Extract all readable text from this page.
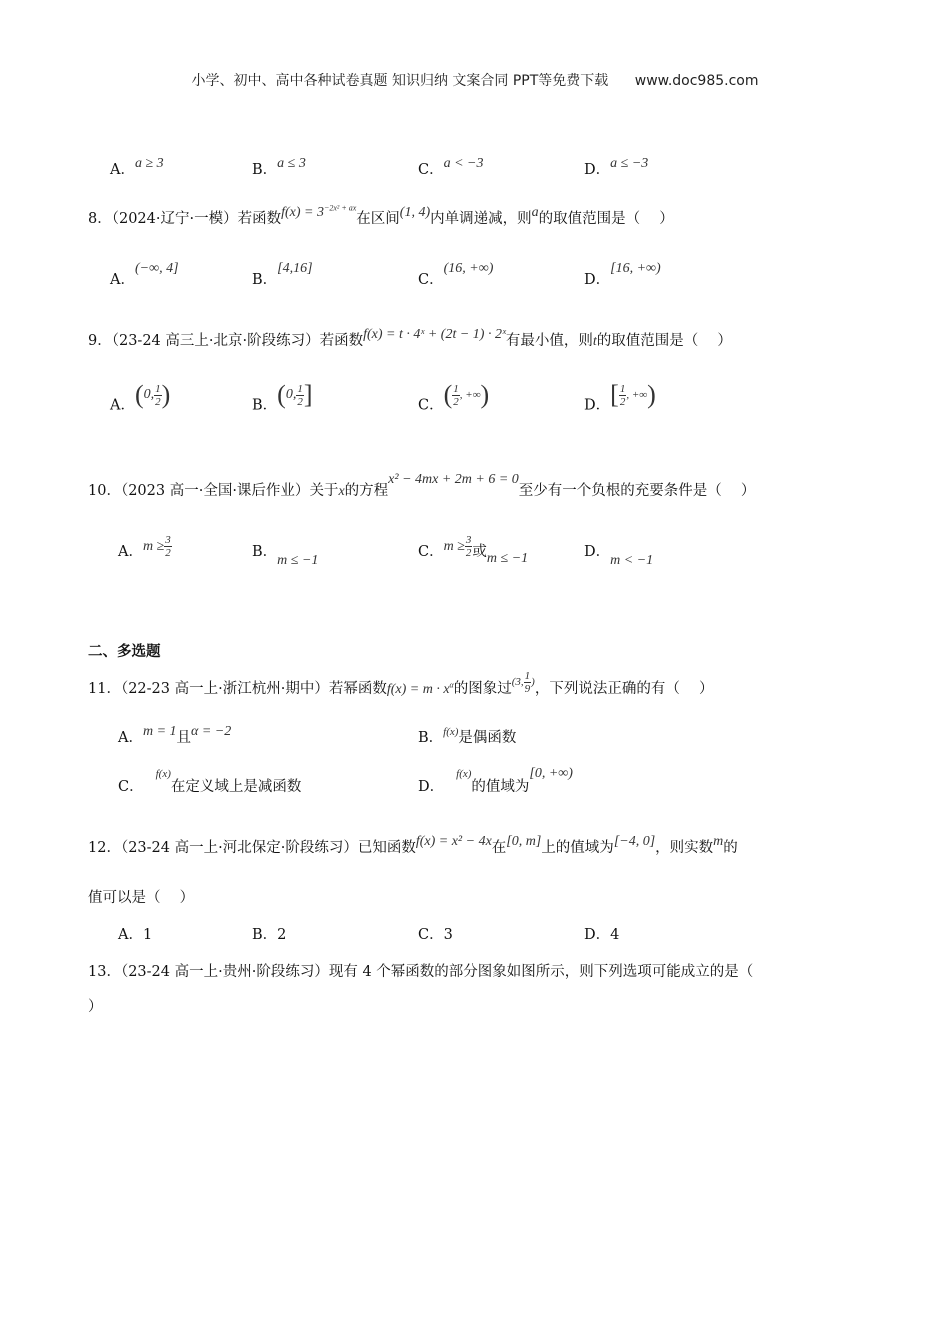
小学、初中、高中各种试卷真题 知识归纳 文案合同 PPT等免费下载 www.doc985.com
A．a ≥ 3	B．a ≤ 3	C．a < −3	D．a ≤ −3
8．（2024·辽宁·一模）若函数$f(x) = 3^{-2x^2 + ax}$在区间(1, 4)内单调递减，则a的取值范围是（　 ）
A．(−∞, 4]
B．[4,16]
C．(16, +∞)
D．[16, +∞)
9．（23-24 高三上·北京·阶段练习）若函数f(x) = t · 4ˣ + (2t − 1) · 2ˣ有最小值，则t的取值范围是（　 ）
A．(0, $\frac{1}{2}$ )	B．(0, $\frac{1}{2}$ ]	C．( $\frac{1}{2}$ , +∞)	D．[ $\frac{1}{2}$ , +∞)
10．（2023 高一·全国·课后作业）关于x的方程x² − 4mx + 2m + 6 = 0至少有一个负根的充要条件是（　 ）
A．$m \ge \frac{3}{2}$	B．m ≤ −1
C．$m \ge \frac{3}{2}$ 或m ≤ −1	D．m < −1
二、多选题
11．（22-23 高一上·浙江杭州·期中）若幂函数$f(x) = m \cdot x^\alpha$的图象过$^{(3, \frac{1}{9} )}$，下列说法正确的有（　 ）
A．m = 1且α = −2	B．$^{f(x)}$是偶函数
C．$^{f(x)}$在定义域上是减函数	D．$^{f(x)}$的值域为[0, +∞)
12．（23-24 高一上·河北保定·阶段练习）已知函数f(x) = x² − 4x在[0, m]上的值域为[−4, 0]，则实数m的
值可以是（　 ）
A．1	B．2	C．3	D．4
13．（23-24 高一上·贵州·阶段练习）现有 4 个幂函数的部分图象如图所示，则下列选项可能成立的是（
）
